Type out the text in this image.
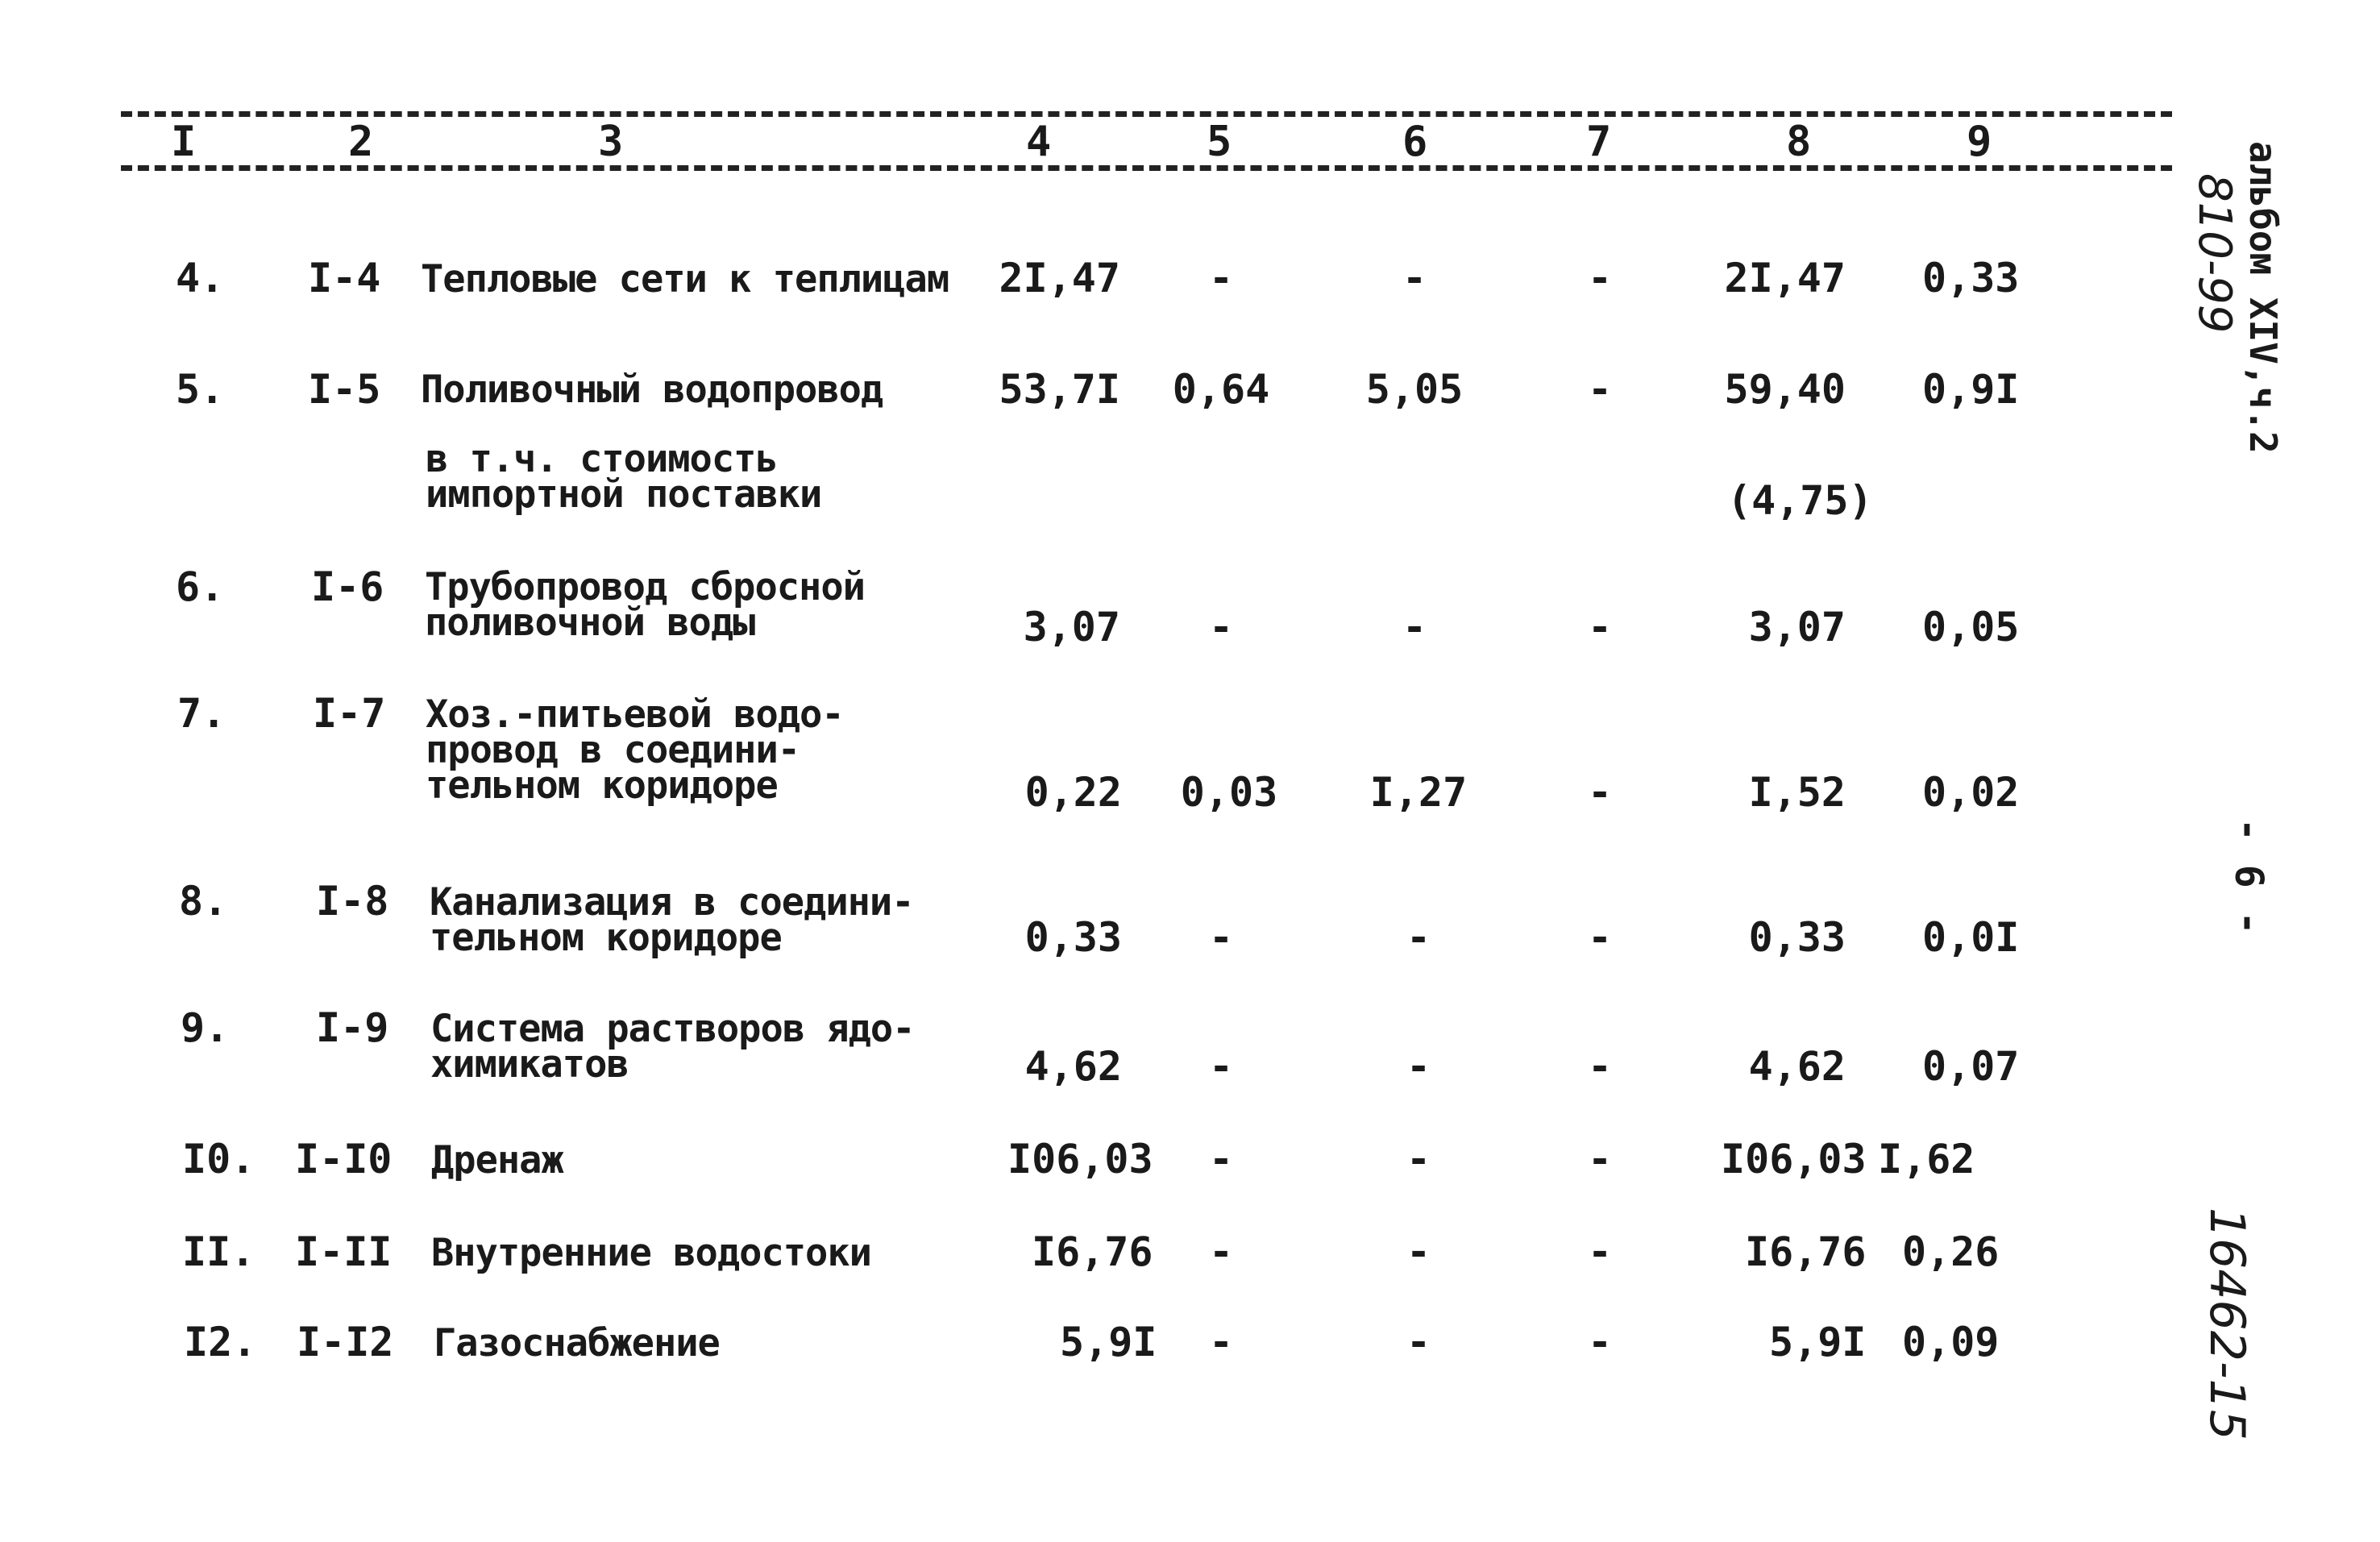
I	2	3	4	5	6	7	8	9
4. I-4 Тепловые сети к теплицам	2I,47	-	-	-	2I,47 0,33
5. I-5 Поливочный водопровод	53,7I 0,64 5,05	-	59,40 0,9I
в т.ч. стоимость
импортной поставки	(4,75)
6. I-6 Трубопровод сбросной
поливочной воды	3,07	-	-	-	3,07 0,05
7. I-7 Хоз.-питьевой водо-
провод в соедини-
тельном коридоре	0,22 0,03 I,27	-	I,52 0,02
8. I-8 Канализация в соедини-
тельном коридоре	0,33	-	-	-	0,33 0,0I
9. I-9 Система растворов ядо-
химикатов	4,62	-	-	-	4,62 0,07
I0. I-I0 Дренаж	I06,03	-	-	-	I06,03 I,62
II. I-II Внутренние водостоки	I6,76	-	-	-	I6,76 0,26
I2. I-I2 Газоснабжение	5,9I	-	-	-	5,9I 0,09
альбом XIV,ч.2
810-99
- 6 -
16462-15
